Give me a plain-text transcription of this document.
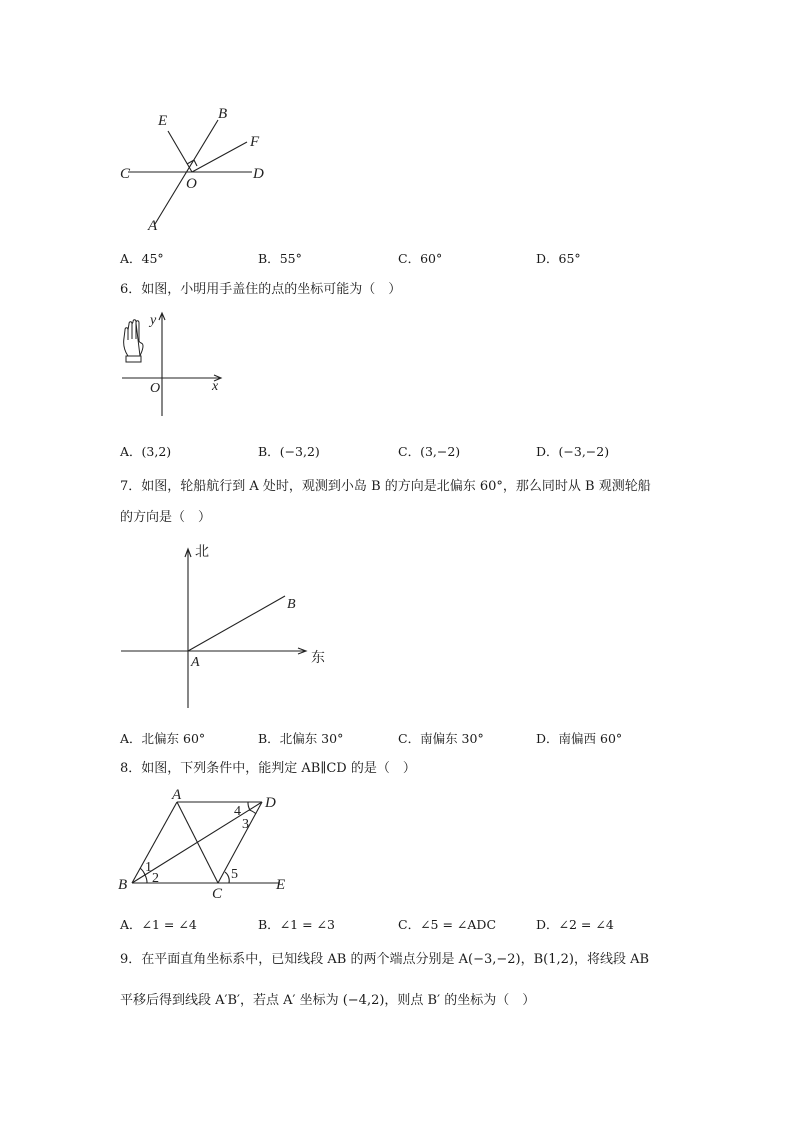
E	B
F
C
O
D
A
A．45°	B．55°	C．60°	D．65°
6．如图，小明用手盖住的点的坐标可能为（　）
y
x
O
A．(3,2)	B．(−3,2)	C．(3,−2)	D．(−3,−2)
7．如图，轮船航行到 A 处时，观测到小岛 B 的方向是北偏东 60°，那么同时从 B 观测轮船
的方向是（　）
北
东
A
B
A．北偏东 60°	B．北偏东 30°	C．南偏东 30°	D．南偏西 60°
8．如图，下列条件中，能判定 AB∥CD 的是（　）
A	D
B
C
E
1
2
3
4
5
A．∠1 = ∠4	B．∠1 = ∠3	C．∠5 = ∠ADC	D．∠2 = ∠4
9．在平面直角坐标系中，已知线段 AB 的两个端点分别是 A(−3,−2)，B(1,2)，将线段 AB
平移后得到线段 A′B′，若点 A′ 坐标为 (−4,2)，则点 B′ 的坐标为（　）
